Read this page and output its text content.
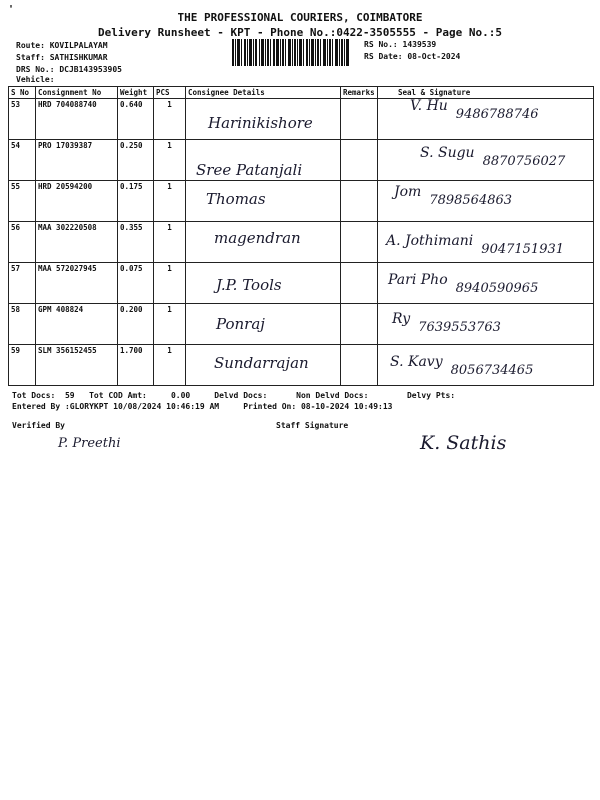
'
THE PROFESSIONAL COURIERS, COIMBATORE
Delivery Runsheet - KPT - Phone No.:0422-3505555 - Page No.:5
Route: KOVILPALAYAM
Staff: SATHISHKUMAR
DRS No.: DCJB143953905
Vehicle:
RS No.: 1439539
RS Date: 08-Oct-2024
S No	Consignment No	Weight	PCS	Consignee Details	Remarks	Seal & Signature
53	HRD 704088740	0.640	1	Harinikishore		V. Hu9486788746

54	PRO 17039387	0.250	1	Sree Patanjali		S. Sugu8870756027

55	HRD 20594200	0.175	1	Thomas		Jom7898564863

56	MAA 302220508	0.355	1	magendran		A. Jothimani9047151931

57	MAA 572027945	0.075	1	J.P. Tools		Pari Pho8940590965

58	GPM 408824	0.200	1	Ponraj		Ry7639553763

59	SLM 356152455	1.700	1	Sundarrajan		S. Kavy8056734465
Tot Docs:  59   Tot COD Amt:     0.00     Delvd Docs:      Non Delvd Docs:        Delvy Pts:
Entered By :GLORYKPT 10/08/2024 10:46:19 AM     Printed On: 08-10-2024 10:49:13
Verified By	Staff Signature
P. Preethi	K. Sathis
